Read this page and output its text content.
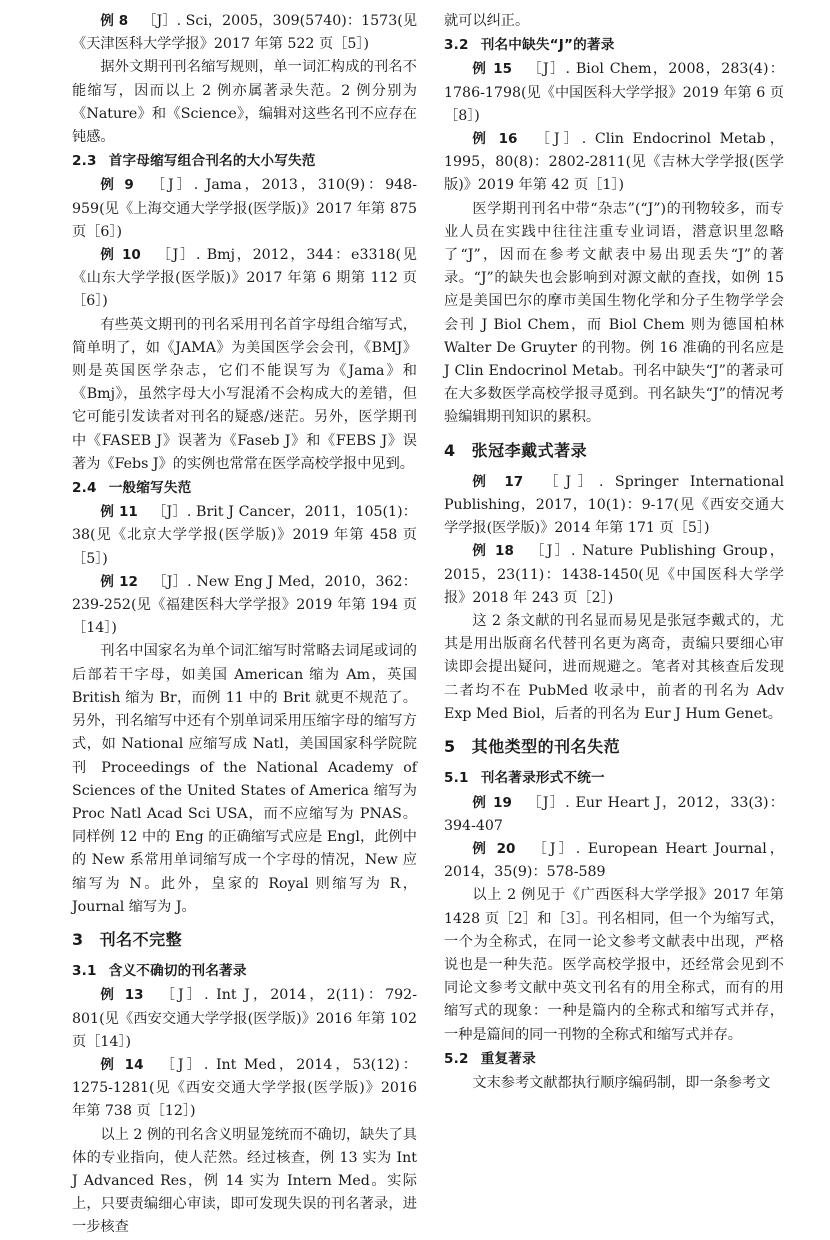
例 8  ［J］. Sci，2005，309(5740)：1573(见《天津医科大学学报》2017 年第 522 页［5］)

据外文期刊刊名缩写规则，单一词汇构成的刊名不能缩写，因而以上 2 例亦属著录失范。2 例分别为《Nature》和《Science》，编辑对这些名刊不应存在钝感。

2.3 首字母缩写组合刊名的大小写失范

例 9  ［J］. Jama，2013，310(9)：948-959(见《上海交通大学学报(医学版)》2017 年第 875 页［6］)

例 10  ［J］. Bmj，2012，344：e3318(见《山东大学学报(医学版)》2017 年第 6 期第 112 页［6］)

有些英文期刊的刊名采用刊名首字母组合缩写式，简单明了，如《JAMA》为美国医学会会刊，《BMJ》则是英国医学杂志，它们不能误写为《Jama》和《Bmj》，虽然字母大小写混淆不会构成大的差错，但它可能引发读者对刊名的疑惑/迷茫。另外，医学期刊中《FASEB J》误著为《Faseb J》和《FEBS J》误著为《Febs J》的实例也常常在医学高校学报中见到。

2.4 一般缩写失范

例 11  ［J］. Brit J Cancer，2011，105(1)：38(见《北京大学学报(医学版)》2019 年第 458 页［5］)

例 12  ［J］. New Eng J Med，2010，362：239-252(见《福建医科大学学报》2019 年第 194 页［14］)

刊名中国家名为单个词汇缩写时常略去词尾或词的后部若干字母，如美国 American 缩为 Am，英国 British 缩为 Br，而例 11 中的 Brit 就更不规范了。另外，刊名缩写中还有个别单词采用压缩字母的缩写方式，如 National 应缩写成 Natl，美国国家科学院院刊 Proceedings of the National Academy of Sciences of the United States of America 缩写为 Proc Natl Acad Sci USA，而不应缩写为 PNAS。同样例 12 中的 Eng 的正确缩写式应是 Engl，此例中的 New 系常用单词缩写成一个字母的情况，New 应缩写为 N。此外，皇家的 Royal 则缩写为 R，Journal 缩写为 J。

3 刊名不完整
3.1 含义不确切的刊名著录

例 13  ［J］. Int J，2014，2(11)：792-801(见《西安交通大学学报(医学版)》2016 年第 102 页［14］)

例 14  ［J］. Int Med，2014，53(12)：1275-1281(见《西安交通大学学报(医学版)》2016 年第 738 页［12］)

以上 2 例的刊名含义明显笼统而不确切，缺失了具体的专业指向，使人茫然。经过核查，例 13 实为 Int J Advanced Res，例 14 实为 Intern Med。实际上，只要责编细心审读，即可发现失误的刊名著录，进一步核查

就可以纠正。

3.2 刊名中缺失“J”的著录

例 15  ［J］. Biol Chem，2008，283(4)：1786-1798(见《中国医科大学学报》2019 年第 6 页［8］)

例 16  ［J］. Clin Endocrinol Metab，1995，80(8)：2802-2811(见《吉林大学学报(医学版)》2019 年第 42 页［1］)

医学期刊刊名中带“杂志”(“J”)的刊物较多，而专业人员在实践中往往注重专业词语，潜意识里忽略了“J”，因而在参考文献表中易出现丢失“J”的著录。“J”的缺失也会影响到对源文献的查找，如例 15 应是美国巴尔的摩市美国生物化学和分子生物学学会会刊 J Biol Chem，而 Biol Chem 则为德国柏林 Walter De Gruyter 的刊物。例 16 准确的刊名应是 J Clin Endocrinol Metab。刊名中缺失“J”的著录可在大多数医学高校学报寻觅到。刊名缺失“J”的情况考验编辑期刊知识的累积。

4 张冠李戴式著录

例 17  ［J］. Springer International Publishing，2017，10(1)：9-17(见《西安交通大学学报(医学版)》2014 年第 171 页［5］)

例 18  ［J］. Nature Publishing Group，2015，23(11)：1438-1450(见《中国医科大学学报》2018 年 243 页［2］)

这 2 条文献的刊名显而易见是张冠李戴式的，尤其是用出版商名代替刊名更为离奇，责编只要细心审读即会提出疑问，进而规避之。笔者对其核查后发现二者均不在 PubMed 收录中，前者的刊名为 Adv Exp Med Biol，后者的刊名为 Eur J Hum Genet。

5 其他类型的刊名失范
5.1 刊名著录形式不统一

例 19  ［J］. Eur Heart J，2012，33(3)：394-407

例 20  ［J］. European Heart Journal，2014，35(9)：578-589

以上 2 例见于《广西医科大学学报》2017 年第 1428 页［2］和［3］。刊名相同，但一个为缩写式，一个为全称式，在同一论文参考文献表中出现，严格说也是一种失范。医学高校学报中，还经常会见到不同论文参考文献中英文刊名有的用全称式，而有的用缩写式的现象：一种是篇内的全称式和缩写式并存，一种是篇间的同一刊物的全称式和缩写式并存。

5.2 重复著录

文末参考文献都执行顺序编码制，即一条参考文
